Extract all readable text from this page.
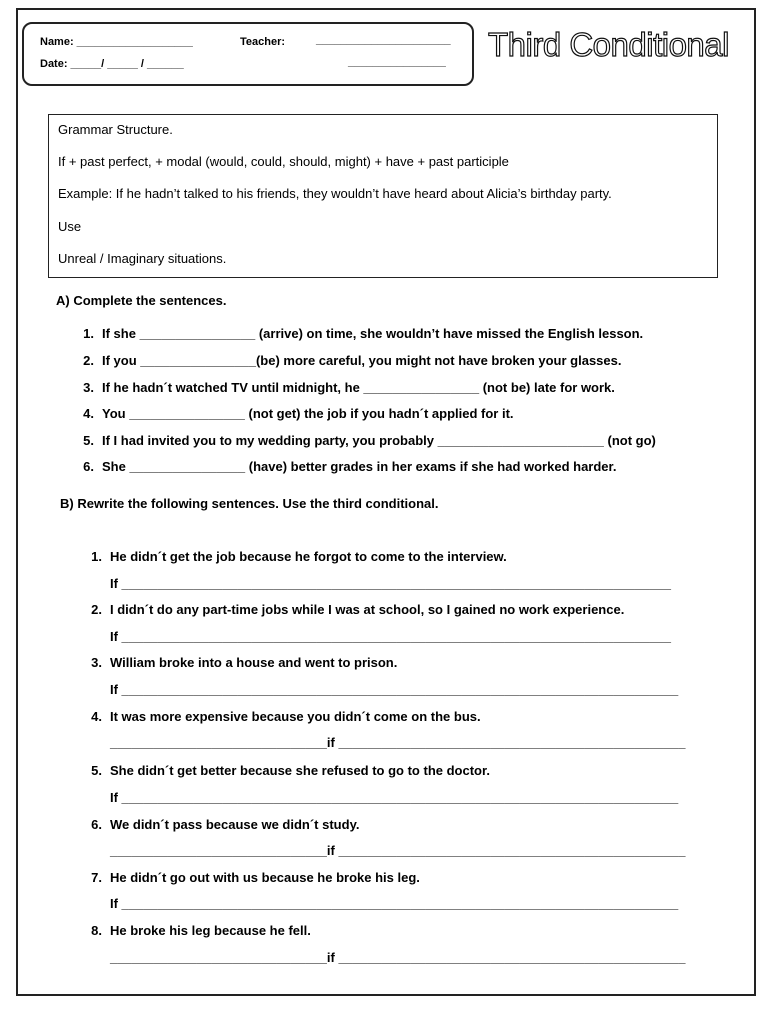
Name: ___________________	Teacher:	______________________
Date: _____/ _____ / ______	________________ Third Conditional

Grammar Structure.

If + past perfect, + modal (would, could, should, might) + have + past participle

Example: If he hadn’t talked to his friends, they wouldn’t have heard about Alicia’s birthday party.

Use

Unreal / Imaginary situations.

A) Complete the sentences.
1. If she ________________ (arrive) on time, she wouldn’t have missed the English lesson.
2. If you ________________(be) more careful, you might not have broken your glasses.
3. If he hadn´t watched TV until midnight, he ________________ (not be) late for work.
4. You ________________ (not get) the job if you hadn´t applied for it.
5. If I had invited you to my wedding party, you probably _______________________ (not go)
6. She ________________ (have) better grades in her exams if she had worked harder.
B) Rewrite the following sentences. Use the third conditional.
1. He didn´t get the job because he forgot to come to the interview.
If ____________________________________________________________________________
2. I didn´t do any part-time jobs while I was at school, so I gained no work experience.
If ____________________________________________________________________________
3. William broke into a house and went to prison.
If _____________________________________________________________________________
4. It was more expensive because you didn´t come on the bus.
______________________________if ________________________________________________
5. She didn´t get better because she refused to go to the doctor.
If _____________________________________________________________________________
6. We didn´t pass because we didn´t study.
______________________________if ________________________________________________
7. He didn´t go out with us because he broke his leg.
If _____________________________________________________________________________
8. He broke his leg because he fell.
______________________________if ________________________________________________
